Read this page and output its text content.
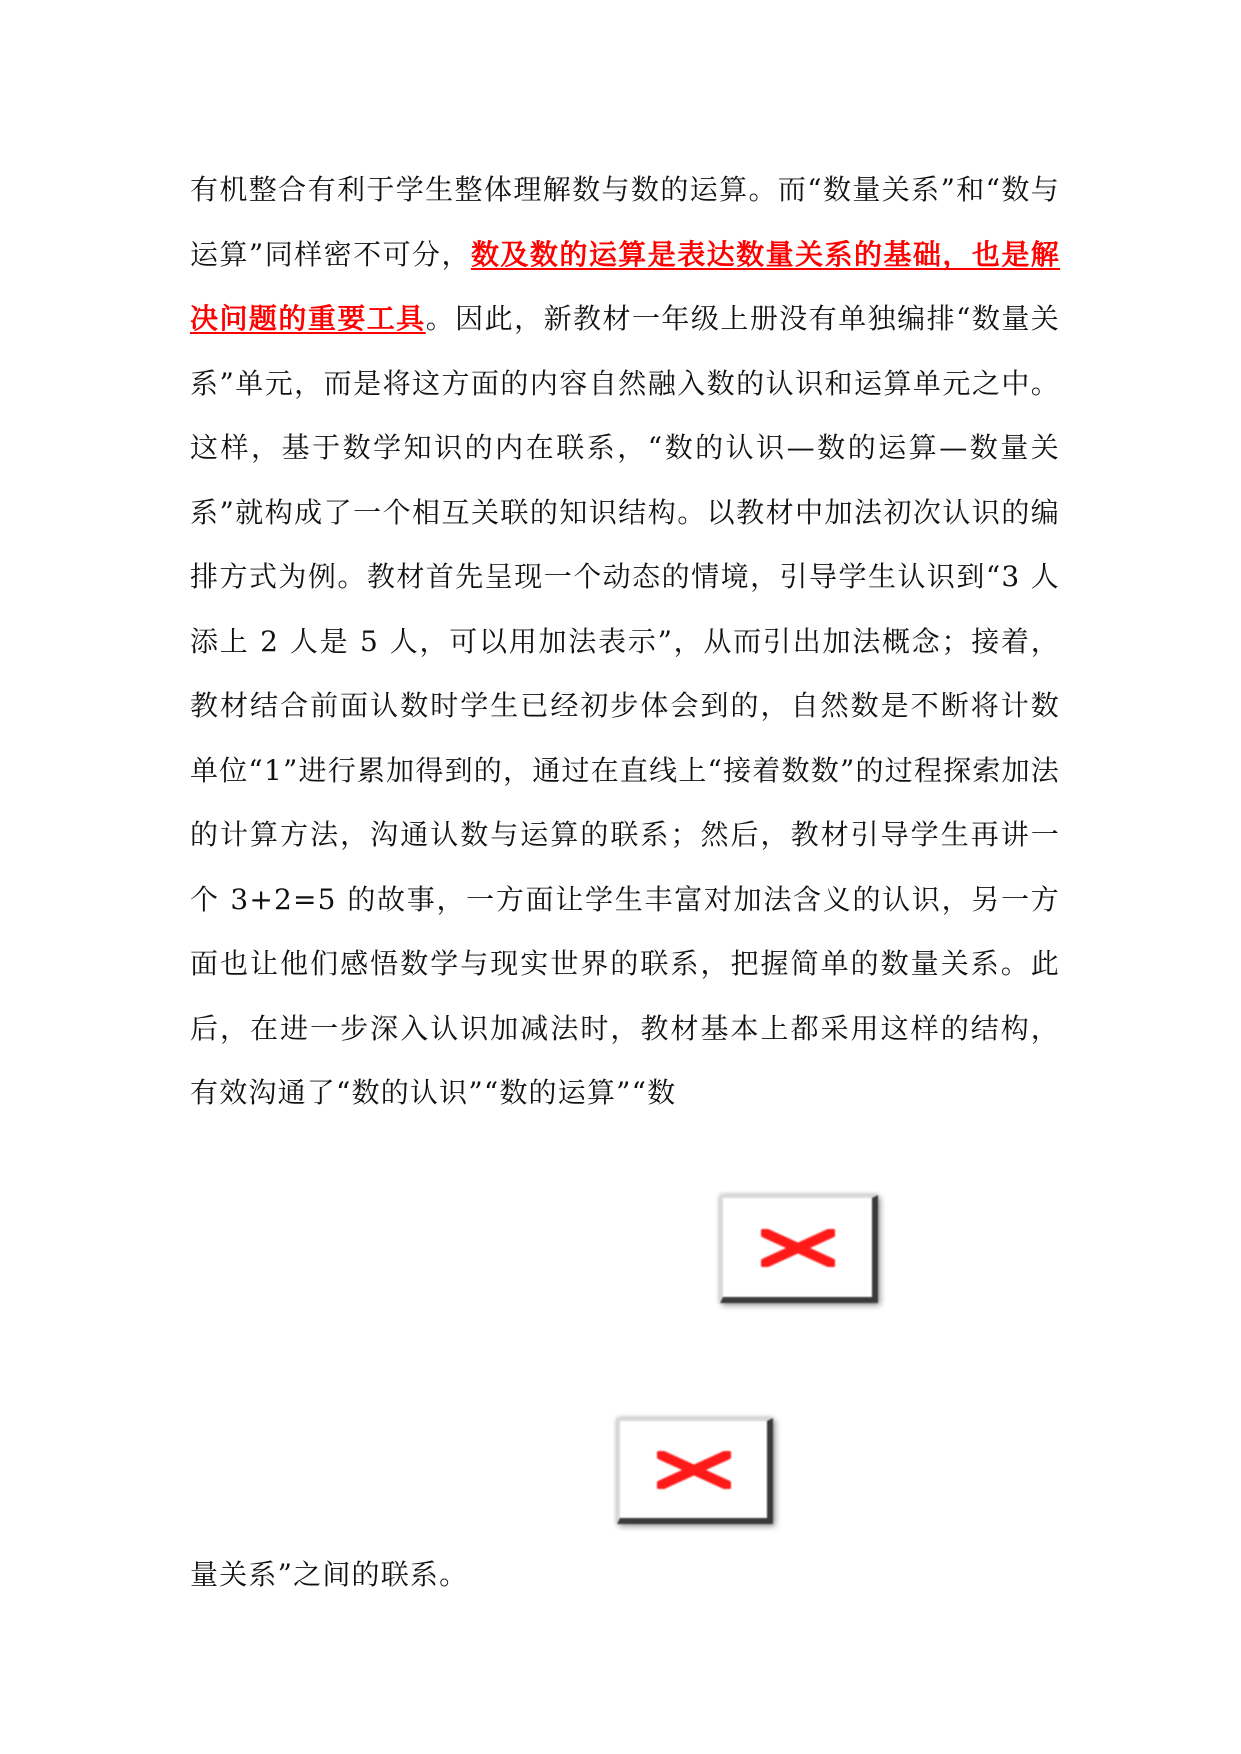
有机整合有利于学生整体理解数与数的运算。而“数量关系”和“数与运算”同样密不可分，数及数的运算是表达数量关系的基础，也是解决问题的重要工具。因此，新教材一年级上册没有单独编排“数量关系”单元，而是将这方面的内容自然融入数的认识和运算单元之中。这样，基于数学知识的内在联系，“数的认识—数的运算—数量关系”就构成了一个相互关联的知识结构。以教材中加法初次认识的编排方式为例。教材首先呈现一个动态的情境，引导学生认识到“3 人添上 2 人是 5 人，可以用加法表示”，从而引出加法概念；接着，教材结合前面认数时学生已经初步体会到的，自然数是不断将计数单位“1”进行累加得到的，通过在直线上“接着数数”的过程探索加法的计算方法，沟通认数与运算的联系；然后，教材引导学生再讲一个 3+2=5 的故事，一方面让学生丰富对加法含义的认识，另一方面也让他们感悟数学与现实世界的联系，把握简单的数量关系。此后，在进一步深入认识加减法时，教材基本上都采用这样的结构，有效沟通了“数的认识”“数的运算”“数

量关系”之间的联系。
